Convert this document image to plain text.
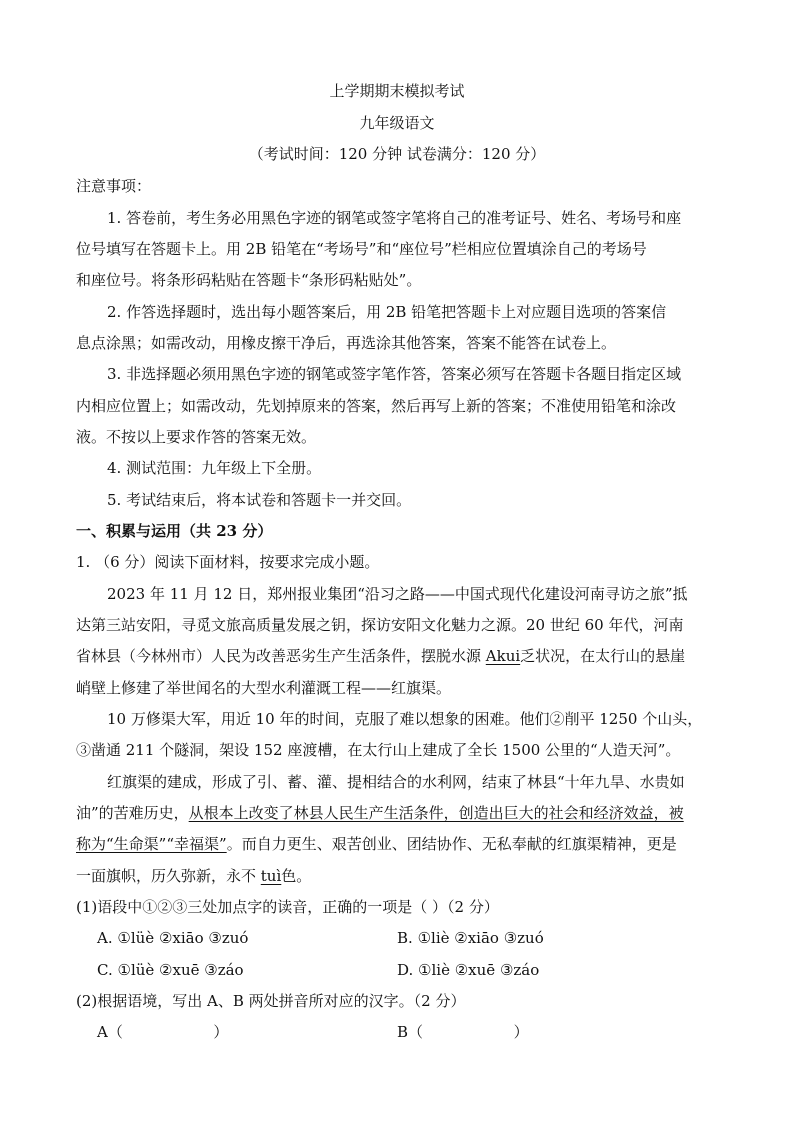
上学期期末模拟考试
九年级语文
（考试时间：120 分钟 试卷满分：120 分）
注意事项：
1. 答卷前，考生务必用黑色字迹的钢笔或签字笔将自己的准考证号、姓名、考场号和座
位号填写在答题卡上。用 2B 铅笔在“考场号”和“座位号”栏相应位置填涂自己的考场号
和座位号。将条形码粘贴在答题卡“条形码粘贴处”。
2. 作答选择题时，选出每小题答案后，用 2B 铅笔把答题卡上对应题目选项的答案信
息点涂黑；如需改动，用橡皮擦干净后，再选涂其他答案，答案不能答在试卷上。
3. 非选择题必须用黑色字迹的钢笔或签字笔作答，答案必须写在答题卡各题目指定区域
内相应位置上；如需改动，先划掉原来的答案，然后再写上新的答案；不准使用铅笔和涂改
液。不按以上要求作答的答案无效。
4. 测试范围：九年级上下全册。
5. 考试结束后，将本试卷和答题卡一并交回。
一、积累与运用（共 23 分）
1. （6 分）阅读下面材料，按要求完成小题。
2023 年 11 月 12 日，郑州报业集团“沿习之路——中国式现代化建设河南寻访之旅”抵
达第三站安阳，寻觅文旅高质量发展之钥，探访安阳文化魅力之源。20 世纪 60 年代，河南
省林县（今林州市）人民为改善恶劣生产生活条件，摆脱水源 Akui乏状况，在太行山的悬崖
峭壁上修建了举世闻名的大型水利灌溉工程——红旗渠。
10 万修渠大军，用近 10 年的时间，克服了难以想象的困难。他们②削平 1250 个山头，
③凿通 211 个隧洞，架设 152 座渡槽，在太行山上建成了全长 1500 公里的“人造天河”。
红旗渠的建成，形成了引、蓄、灌、提相结合的水利网，结束了林县“十年九旱、水贵如
油”的苦难历史，从根本上改变了林县人民生产生活条件，创造出巨大的社会和经济效益，被
称为“生命渠”“幸福渠”。而自力更生、艰苦创业、团结协作、无私奉献的红旗渠精神，更是
一面旗帜，历久弥新，永不 tuì色。
(1)语段中①②③三处加点字的读音，正确的一项是（ ）（2 分）
A. ①lüè ②xiāo ③zuó	B. ①liè ②xiāo ③zuó
C. ①lüè ②xuē ③záo	D. ①liè ②xuē ③záo
(2)根据语境，写出 A、B 两处拼音所对应的汉字。（2 分）
A（                   ）	B（                   ）
